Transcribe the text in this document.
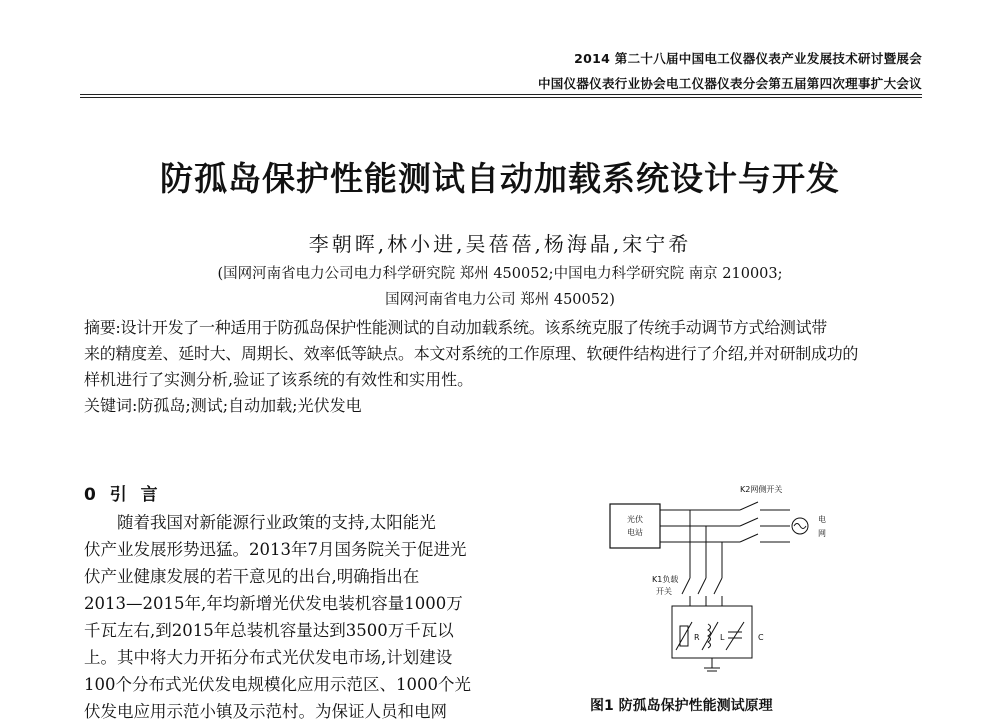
2014 第二十八届中国电工仪器仪表产业发展技术研讨暨展会
中国仪器仪表行业协会电工仪器仪表分会第五届第四次理事扩大会议
防孤岛保护性能测试自动加载系统设计与开发
李朝晖,林小进,吴蓓蓓,杨海晶,宋宁希
(国网河南省电力公司电力科学研究院 郑州 450052;中国电力科学研究院 南京 210003;
国网河南省电力公司 郑州 450052)
摘要:设计开发了一种适用于防孤岛保护性能测试的自动加载系统。该系统克服了传统手动调节方式给测试带
来的精度差、延时大、周期长、效率低等缺点。本文对系统的工作原理、软硬件结构进行了介绍,并对研制成功的
样机进行了实测分析,验证了该系统的有效性和实用性。
关键词:防孤岛;测试;自动加载;光伏发电
0 引 言
随着我国对新能源行业政策的支持,太阳能光
伏产业发展形势迅猛。2013年7月国务院关于促进光
伏产业健康发展的若干意见的出台,明确指出在
2013—2015年,年均新增光伏发电装机容量1000万
千瓦左右,到2015年总装机容量达到3500万千瓦以
上。其中将大力开拓分布式光伏发电市场,计划建设
100个分布式光伏发电规模化应用示范区、1000个光
伏发电应用示范小镇及示范村。为保证人员和电网
光伏
电站
K2网侧开关
电
网
K1负载
开关
R	L	C
图1 防孤岛保护性能测试原理
